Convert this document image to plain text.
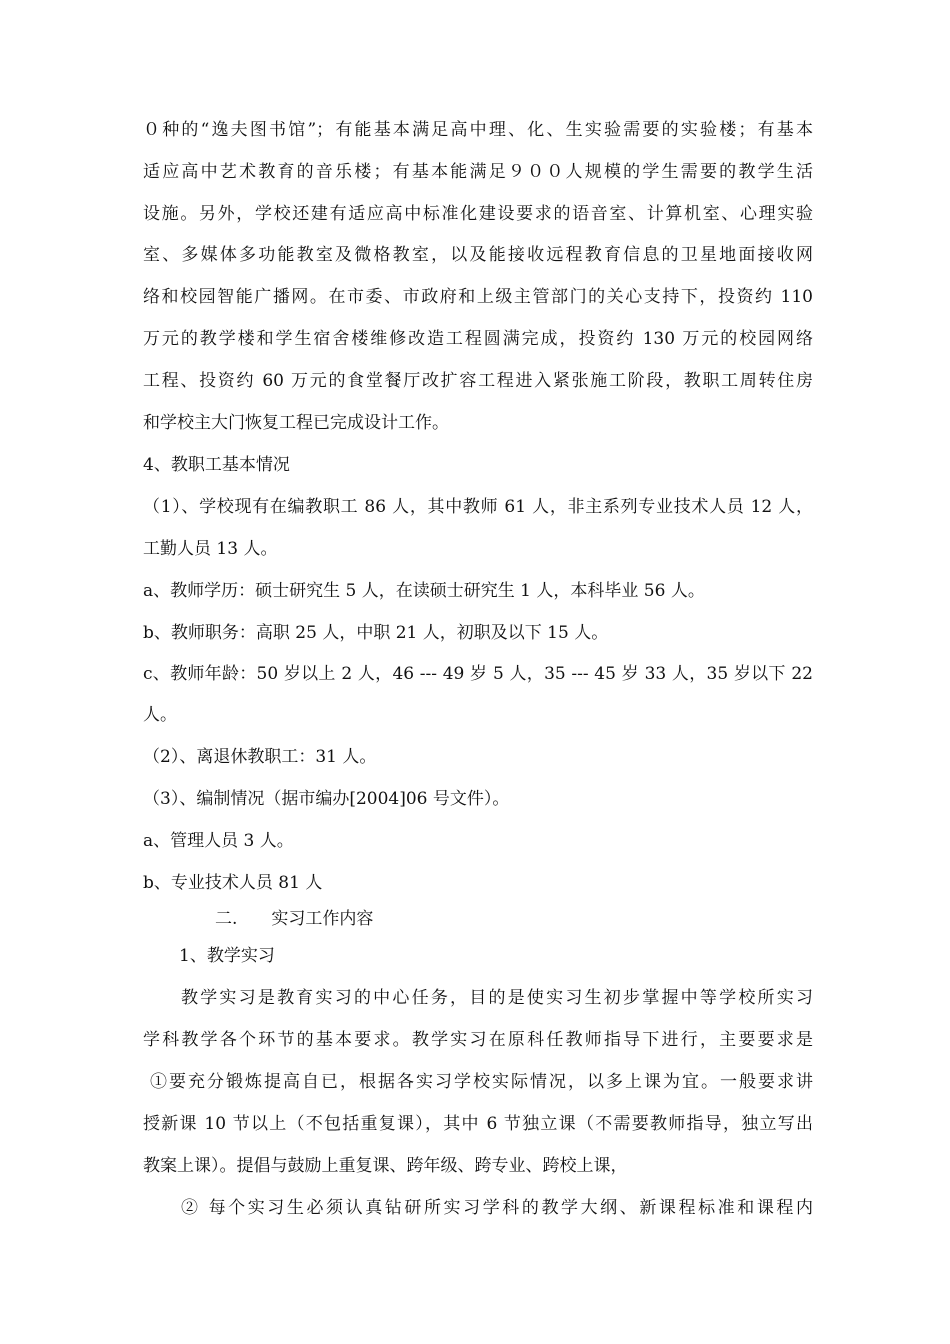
０种的“逸夫图书馆”；有能基本满足高中理、化、生实验需要的实验楼；有基本
适应高中艺术教育的音乐楼；有基本能满足９００人规模的学生需要的教学生活
设施。另外，学校还建有适应高中标准化建设要求的语音室、计算机室、心理实验
室、多媒体多功能教室及微格教室，以及能接收远程教育信息的卫星地面接收网
络和校园智能广播网。在市委、市政府和上级主管部门的关心支持下，投资约 110
万元的教学楼和学生宿舍楼维修改造工程圆满完成，投资约 130 万元的校园网络
工程、投资约 60 万元的食堂餐厅改扩容工程进入紧张施工阶段，教职工周转住房
和学校主大门恢复工程已完成设计工作。
4、教职工基本情况
（1）、学校现有在编教职工 86 人，其中教师 61 人，非主系列专业技术人员 12 人，
工勤人员 13 人。
a、教师学历：硕士研究生 5 人，在读硕士研究生 1 人，本科毕业 56 人。
b、教师职务：高职 25 人，中职 21 人，初职及以下 15 人。
c、教师年龄：50 岁以上 2 人，46 --- 49 岁 5 人，35 --- 45 岁 33 人，35 岁以下 22
人。
（2）、离退休教职工：31 人。
（3）、编制情况（据市编办[2004]06 号文件）。
a、管理人员 3 人。
b、专业技术人员 81 人
二.　　实习工作内容
1、教学实习
教学实习是教育实习的中心任务，目的是使实习生初步掌握中等学校所实习
学科教学各个环节的基本要求。教学实习在原科任教师指导下进行，主要要求是
①要充分锻炼提高自已，根据各实习学校实际情况，以多上课为宜。一般要求讲
授新课 10 节以上（不包括重复课），其中 6 节独立课（不需要教师指导，独立写出
教案上课）。提倡与鼓励上重复课、跨年级、跨专业、跨校上课，
② 每个实习生必须认真钻研所实习学科的教学大纲、新课程标准和课程内
